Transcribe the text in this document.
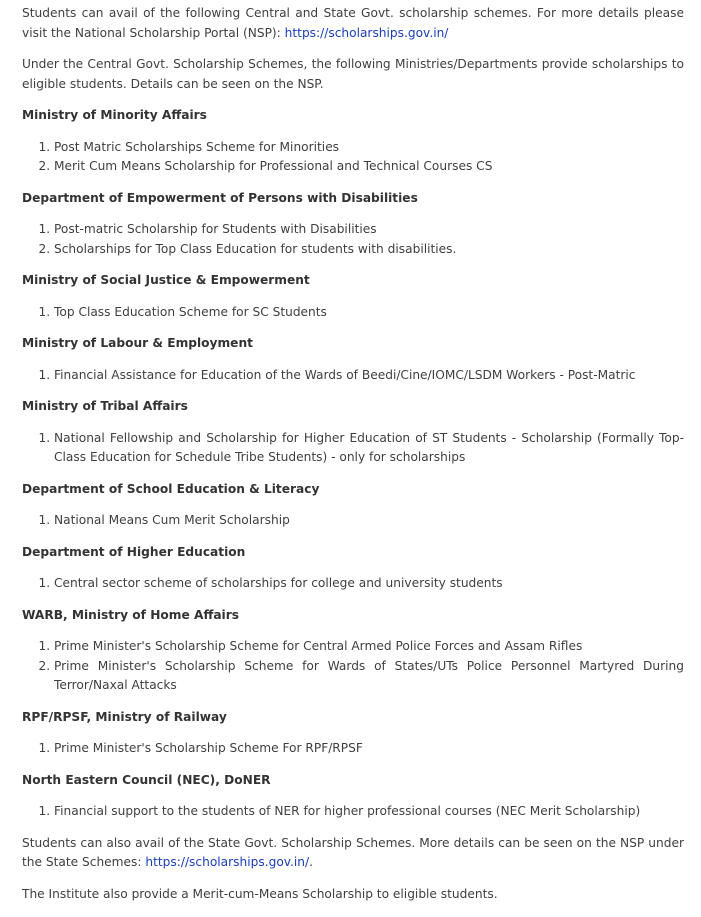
Students can avail of the following Central and State Govt. scholarship schemes. For more details please visit the National Scholarship Portal (NSP): https://scholarships.gov.in/

Under the Central Govt. Scholarship Schemes, the following Ministries/Departments provide scholarships to eligible students. Details can be seen on the NSP.

Ministry of Minority Affairs
1. Post Matric Scholarships Scheme for Minorities
2. Merit Cum Means Scholarship for Professional and Technical Courses CS
Department of Empowerment of Persons with Disabilities
1. Post-matric Scholarship for Students with Disabilities
2. Scholarships for Top Class Education for students with disabilities.
Ministry of Social Justice & Empowerment
1. Top Class Education Scheme for SC Students
Ministry of Labour & Employment
1. Financial Assistance for Education of the Wards of Beedi/Cine/IOMC/LSDM Workers - Post-Matric
Ministry of Tribal Affairs
1. National Fellowship and Scholarship for Higher Education of ST Students - Scholarship (Formally Top-Class Education for Schedule Tribe Students) - only for scholarships
Department of School Education & Literacy
1. National Means Cum Merit Scholarship
Department of Higher Education
1. Central sector scheme of scholarships for college and university students
WARB, Ministry of Home Affairs
1. Prime Minister's Scholarship Scheme for Central Armed Police Forces and Assam Rifles
2. Prime Minister's Scholarship Scheme for Wards of States/UTs Police Personnel Martyred During Terror/Naxal Attacks
RPF/RPSF, Ministry of Railway
1. Prime Minister's Scholarship Scheme For RPF/RPSF
North Eastern Council (NEC), DoNER
1. Financial support to the students of NER for higher professional courses (NEC Merit Scholarship)

Students can also avail of the State Govt. Scholarship Schemes. More details can be seen on the NSP under the State Schemes: https://scholarships.gov.in/.

The Institute also provide a Merit-cum-Means Scholarship to eligible students.
